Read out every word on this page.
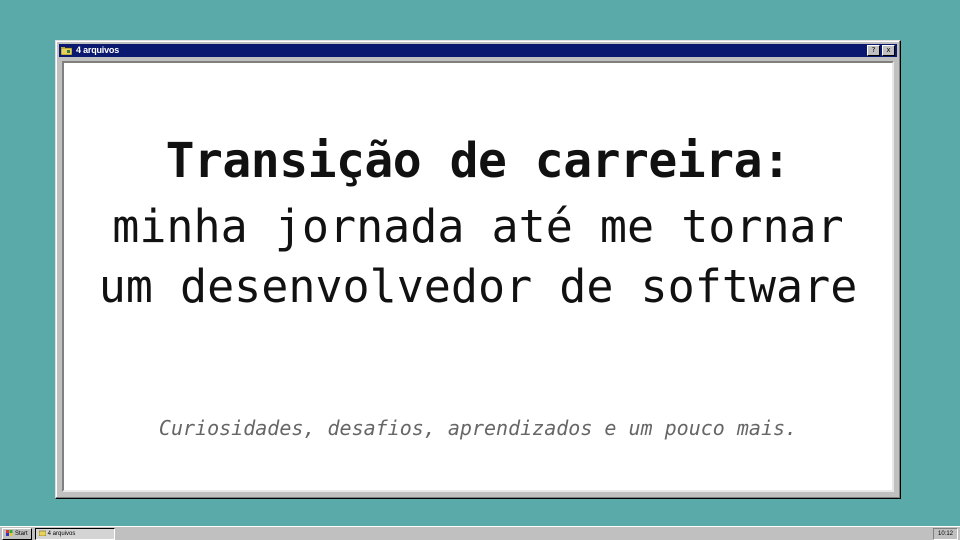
4 arquivos	?	x
Transição de carreira:
minha jornada até me tornar um desenvolvedor de software
Curiosidades, desafios, aprendizados e um pouco mais.
Start	4 arquivos	10:12
